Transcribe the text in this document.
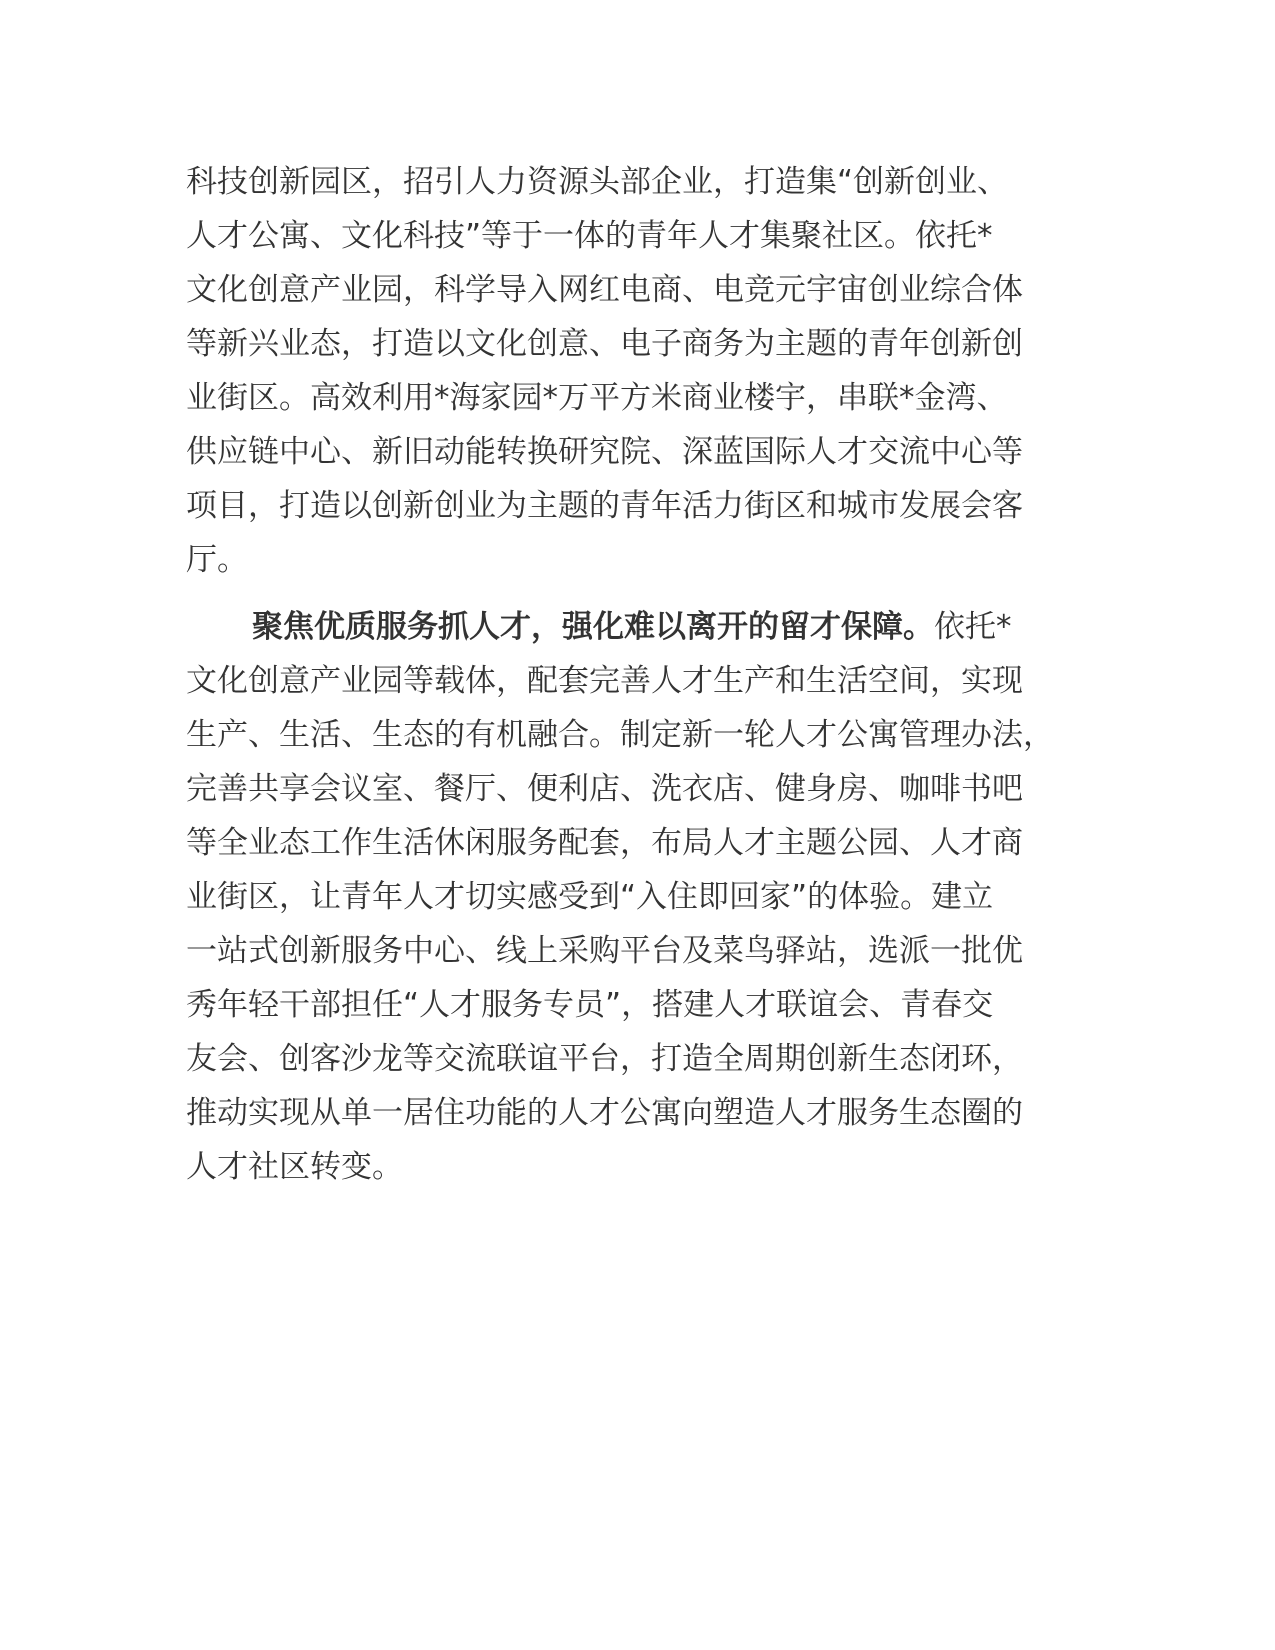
科技创新园区，招引人力资源头部企业，打造集“创新创业、
人才公寓、文化科技”等于一体的青年人才集聚社区。依托*
文化创意产业园，科学导入网红电商、电竞元宇宙创业综合体
等新兴业态，打造以文化创意、电子商务为主题的青年创新创
业街区。高效利用*海家园*万平方米商业楼宇，串联*金湾、
供应链中心、新旧动能转换研究院、深蓝国际人才交流中心等
项目，打造以创新创业为主题的青年活力街区和城市发展会客
厅。
聚焦优质服务抓人才，强化难以离开的留才保障。依托*
文化创意产业园等载体，配套完善人才生产和生活空间，实现
生产、生活、生态的有机融合。制定新一轮人才公寓管理办法，
完善共享会议室、餐厅、便利店、洗衣店、健身房、咖啡书吧
等全业态工作生活休闲服务配套，布局人才主题公园、人才商
业街区，让青年人才切实感受到“入住即回家”的体验。建立
一站式创新服务中心、线上采购平台及菜鸟驿站，选派一批优
秀年轻干部担任“人才服务专员”，搭建人才联谊会、青春交
友会、创客沙龙等交流联谊平台，打造全周期创新生态闭环，
推动实现从单一居住功能的人才公寓向塑造人才服务生态圈的
人才社区转变。
